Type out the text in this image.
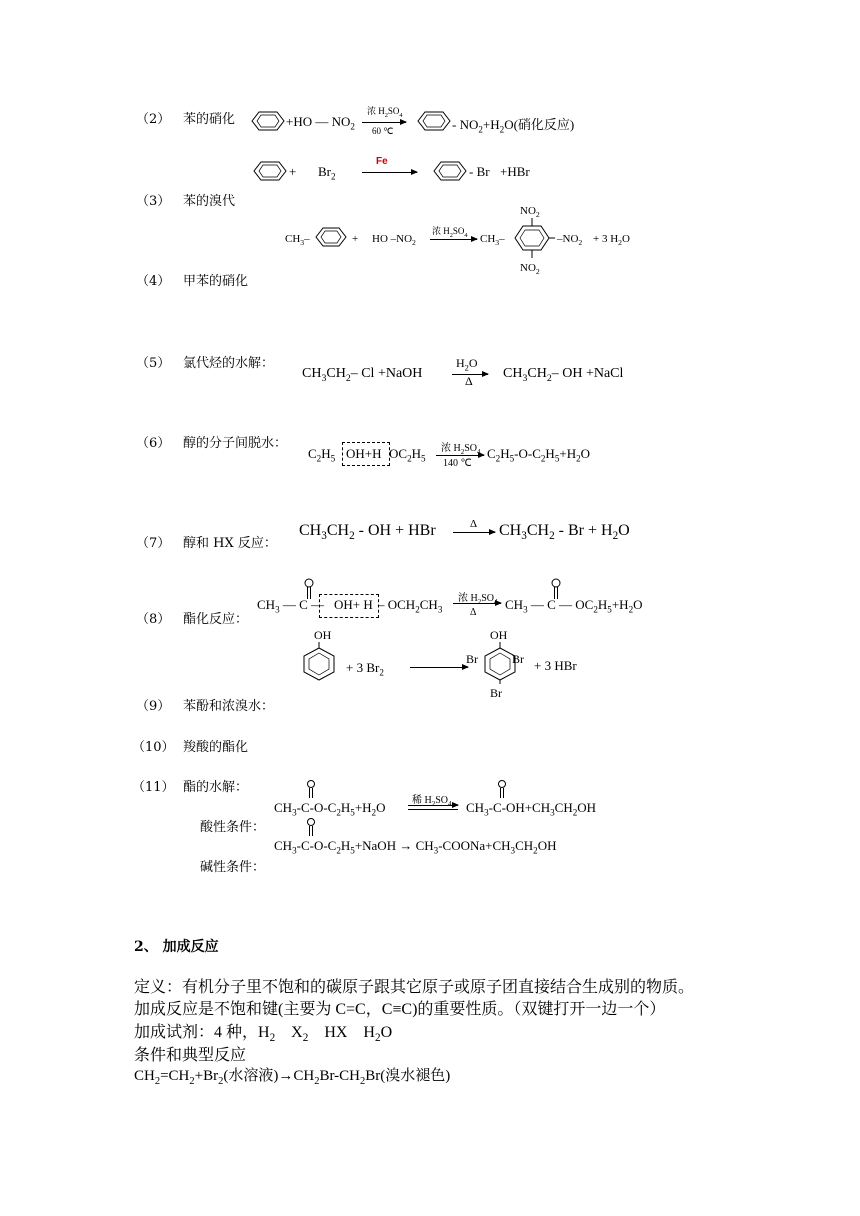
（2） 苯的硝化	+HO — $NO_2$
浓 $H_2SO_4$
60 ℃	- $NO_2+H_2O$(硝化反应)
+ $Br_2$
Fe
- Br +HBr
（3） 苯的溴代
$CH_3-$	+ HO $-NO_2$
浓 $H_2SO_4 \to CH_3-$
$NO_2$
$-NO_2 + 3$ $H_2O$
$NO_2$
（4） 甲苯的硝化
（5） 氯代烃的水解：
$CH_3CH_2-$ Cl +NaOH
$H_2O$
Δ $CH_3CH_2-$ OH +NaCl
（6） 醇的分子间脱水：
$C_2H_5$ OH+H $OC_2H_5$
浓 $H_2SO_4$
140 ℃
$C_2H_5-O-C_2H_5+H_2O$
$CH_3CH_2$ - OH + HBr	$\Delta \to CH_3CH_2 - Br + H_2O$
（7） 醇和 HX 反应：
（8） 酯化反应：
$CH_3$ — C — $OH+ H - OCH_2CH_3$
浓 $H_2SO_4$
Δ
$CH_3$ — C — $OC_2H_5+H_2O$
OH
+ 3 $Br_2$
OH
Br	Br
Br
+ 3 HBr
（9） 苯酚和浓溴水：
（10） 羧酸的酯化
（11） 酯的水解：
$CH_3-C-O-C_2H_5+H_2O$	稀 $H_2SO_4$ $CH_3-C-OH+CH_3CH_2OH$
酸性条件：
$CH_3-C-O-C_2H_5+NaOH$ → $CH_3-COONa+CH_3CH_2OH$
碱性条件：
2、 加成反应
定义：有机分子里不饱和的碳原子跟其它原子或原子团直接结合生成别的物质。
加成反应是不饱和键(主要为 C=C，C≡C)的重要性质。（双键打开一边一个）
加成试剂：4 种，$H_2$ $X_2$ HX $H_2O$
条件和典型反应
$CH_2=CH_2+Br_2$(水溶液)$\to CH_2Br-CH_2Br$(溴水褪色)
